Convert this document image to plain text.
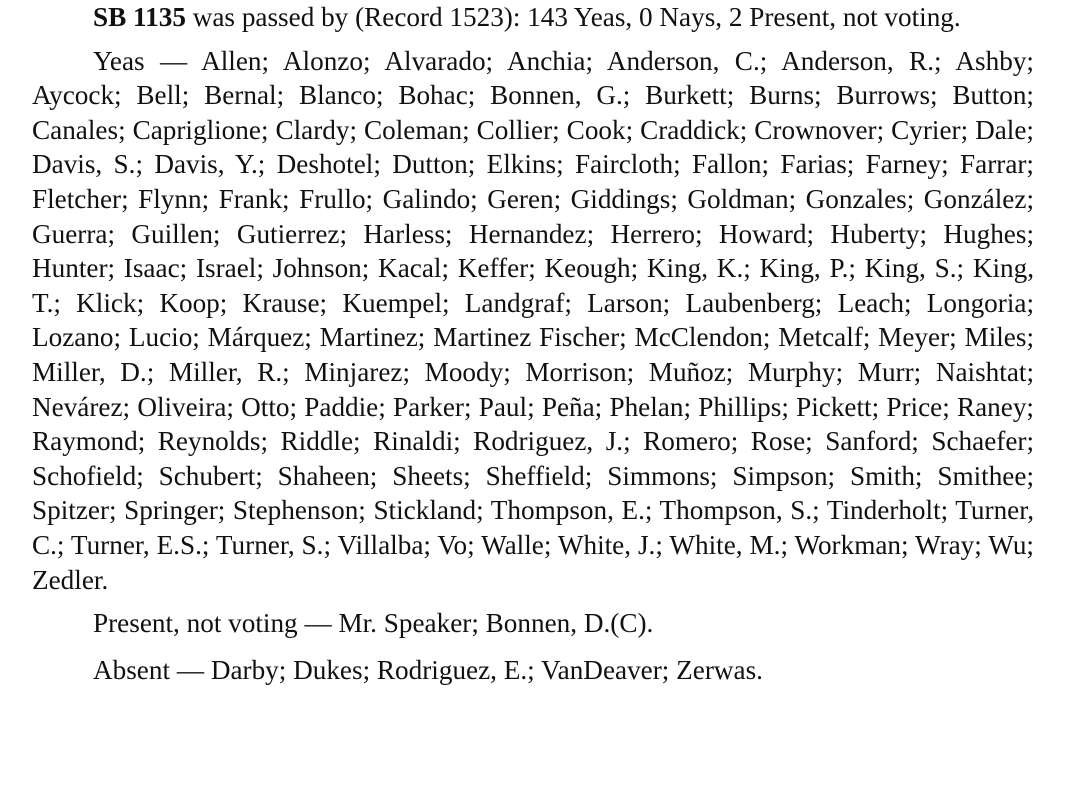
SB 1135 was passed by (Record 1523): 143 Yeas, 0 Nays, 2 Present, not voting.

Yeas — Allen; Alonzo; Alvarado; Anchia; Anderson, C.; Anderson, R.; Ashby; Aycock; Bell; Bernal; Blanco; Bohac; Bonnen, G.; Burkett; Burns; Burrows; Button; Canales; Capriglione; Clardy; Coleman; Collier; Cook; Craddick; Crownover; Cyrier; Dale; Davis, S.; Davis, Y.; Deshotel; Dutton; Elkins; Faircloth; Fallon; Farias; Farney; Farrar; Fletcher; Flynn; Frank; Frullo; Galindo; Geren; Giddings; Goldman; Gonzales; González; Guerra; Guillen; Gutierrez; Harless; Hernandez; Herrero; Howard; Huberty; Hughes; Hunter; Isaac; Israel; Johnson; Kacal; Keffer; Keough; King, K.; King, P.; King, S.; King, T.; Klick; Koop; Krause; Kuempel; Landgraf; Larson; Laubenberg; Leach; Longoria; Lozano; Lucio; Márquez; Martinez; Martinez Fischer; McClendon; Metcalf; Meyer; Miles; Miller, D.; Miller, R.; Minjarez; Moody; Morrison; Muñoz; Murphy; Murr; Naishtat; Nevárez; Oliveira; Otto; Paddie; Parker; Paul; Peña; Phelan; Phillips; Pickett; Price; Raney; Raymond; Reynolds; Riddle; Rinaldi; Rodriguez, J.; Romero; Rose; Sanford; Schaefer; Schofield; Schubert; Shaheen; Sheets; Sheffield; Simmons; Simpson; Smith; Smithee; Spitzer; Springer; Stephenson; Stickland; Thompson, E.; Thompson, S.; Tinderholt; Turner, C.; Turner, E.S.; Turner, S.; Villalba; Vo; Walle; White, J.; White, M.; Workman; Wray; Wu; Zedler.

Present, not voting — Mr. Speaker; Bonnen, D.(C).

Absent — Darby; Dukes; Rodriguez, E.; VanDeaver; Zerwas.
